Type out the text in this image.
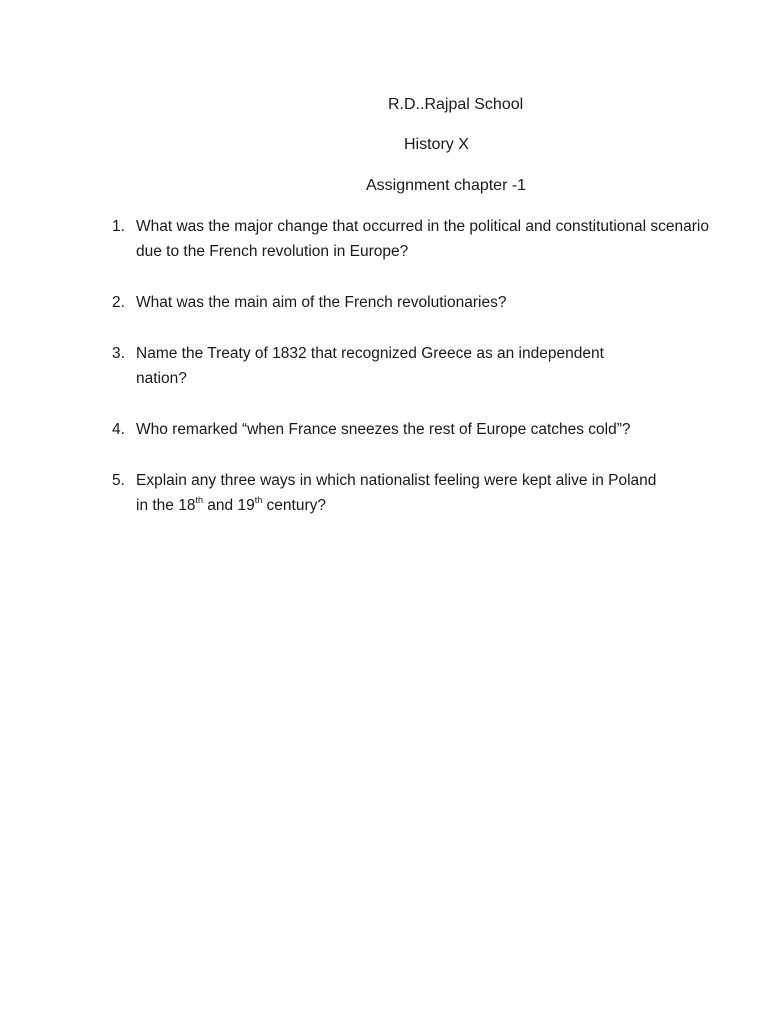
R.D..Rajpal School
History X
Assignment chapter -1
1. What was the major change that occurred in the political and constitutional scenario due to the French revolution in Europe?
2. What was the main aim of the French revolutionaries?
3. Name the Treaty of 1832 that recognized Greece as an independent
nation?
4. Who remarked “when France sneezes the rest of Europe catches cold”?
5. Explain any three ways in which nationalist feeling were kept alive in Poland
in the 18th and 19th century?
